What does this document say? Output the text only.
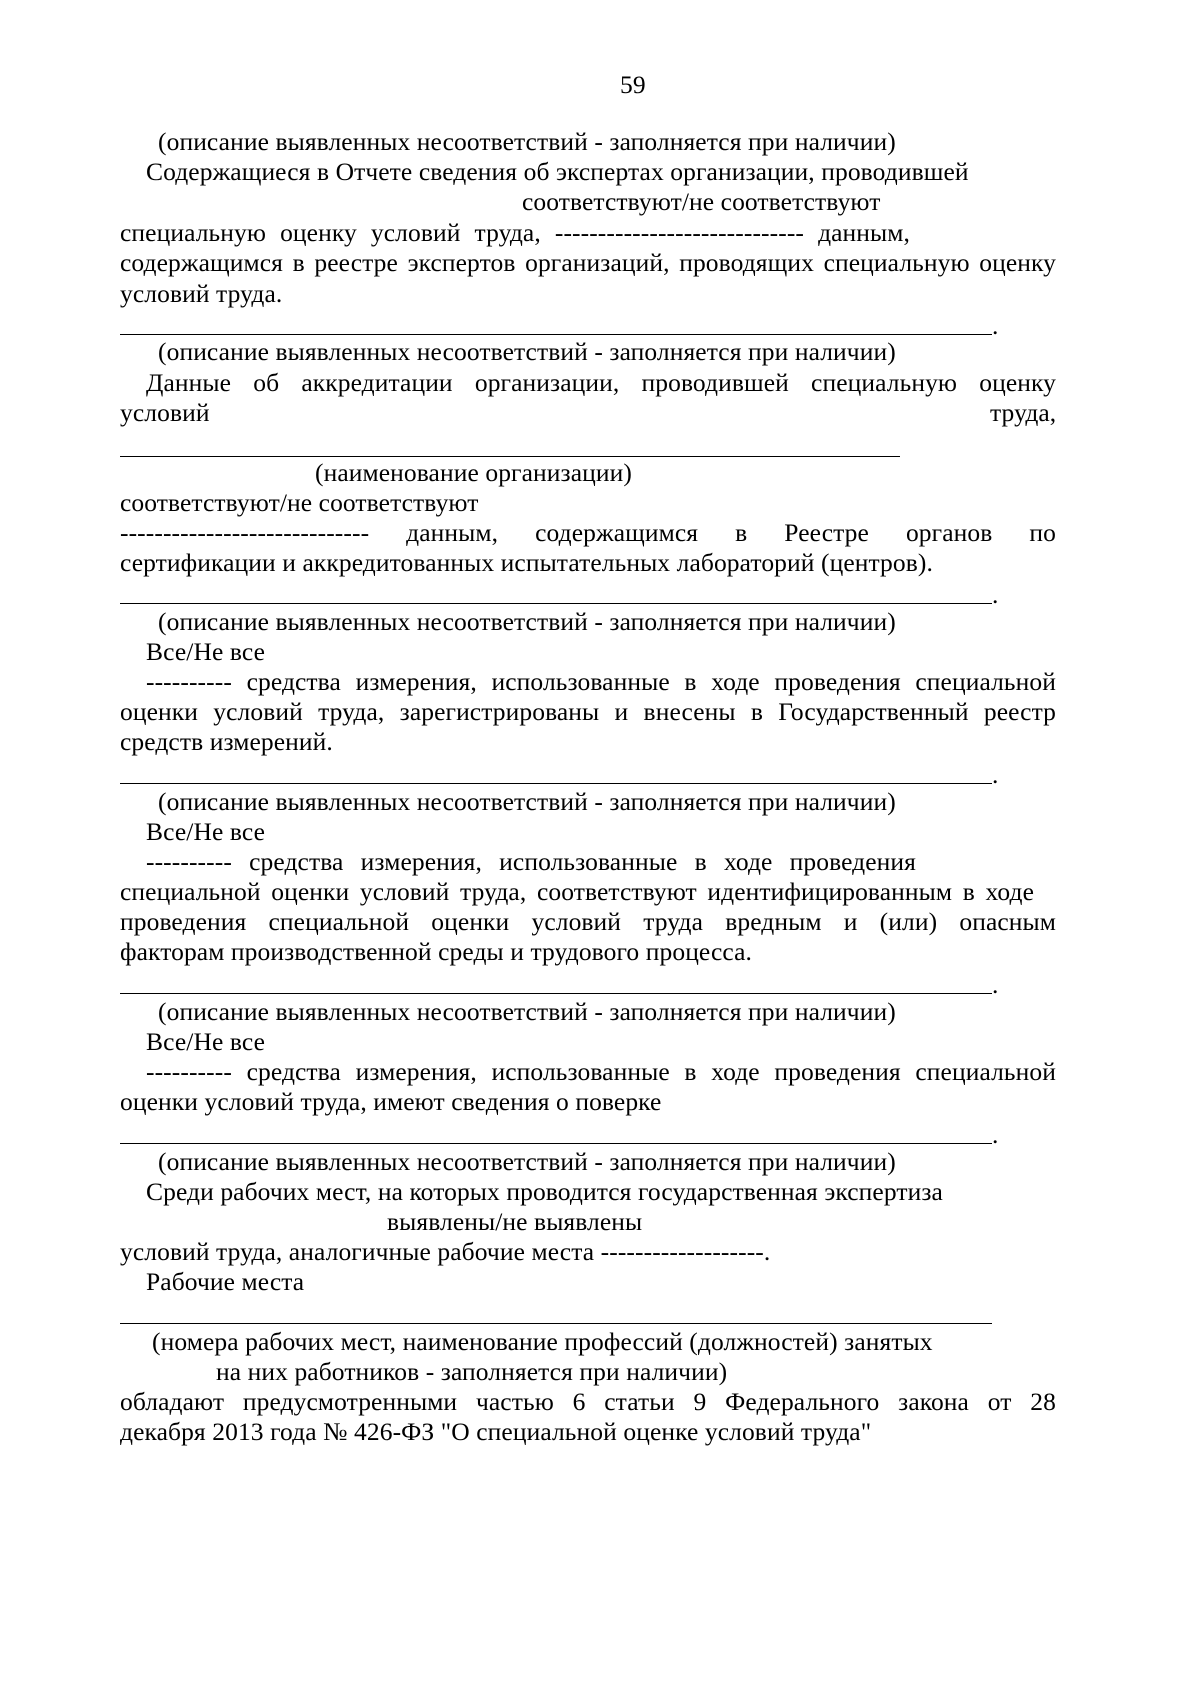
59
(описание выявленных несоответствий - заполняется при наличии)
Содержащиеся в Отчете сведения об экспертах организации, проводившей
соответствуют/не соответствуют
специальную оценку условий труда, ----------------------------- данным,
содержащимся в реестре экспертов организаций, проводящих специальную оценку
условий труда.
.
(описание выявленных несоответствий - заполняется при наличии)
Данные об аккредитации организации, проводившей специальную оценку
условий	труда,
(наименование организации)
соответствуют/не соответствуют
----------------------------- данным, содержащимся в Реестре органов по
сертификации и аккредитованных испытательных лабораторий (центров).
.
(описание выявленных несоответствий - заполняется при наличии)
Все/Не все
---------- средства измерения, использованные в ходе проведения специальной
оценки условий труда, зарегистрированы и внесены в Государственный реестр
средств измерений.
.
(описание выявленных несоответствий - заполняется при наличии)
Все/Не все
---------- средства измерения, использованные в ходе проведения
специальной оценки условий труда, соответствуют идентифицированным в ходе
проведения специальной оценки условий труда вредным и (или) опасным
факторам производственной среды и трудового процесса.
.
(описание выявленных несоответствий - заполняется при наличии)
Все/Не все
---------- средства измерения, использованные в ходе проведения специальной
оценки условий труда, имеют сведения о поверке
.
(описание выявленных несоответствий - заполняется при наличии)
Среди рабочих мест, на которых проводится государственная экспертиза
выявлены/не выявлены
условий труда, аналогичные рабочие места -------------------.
Рабочие места
(номера рабочих мест, наименование профессий (должностей) занятых
на них работников - заполняется при наличии)
обладают предусмотренными частью 6 статьи 9 Федерального закона от 28
декабря 2013 года № 426-ФЗ "О специальной оценке условий труда"
